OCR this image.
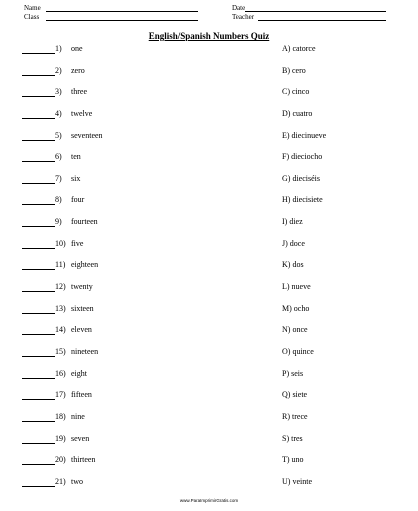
Name
Class
Date
Teacher
English/Spanish Numbers Quiz
1) one	A) catorce
2) zero	B) cero
3) three	C) cinco
4) twelve	D) cuatro
5) seventeen	E) diecinueve
6) ten	F) dieciocho
7) six	G) dieciséis
8) four	H) diecisiete
9) fourteen	I) diez
10) five	J) doce
11) eighteen	K) dos
12) twenty	L) nueve
13) sixteen	M) ocho
14) eleven	N) once
15) nineteen	O) quince
16) eight	P) seis
17) fifteen	Q) siete
18) nine	R) trece
19) seven	S) tres
20) thirteen	T) uno
21) two	U) veinte
www.ParaImprimirGratis.com
